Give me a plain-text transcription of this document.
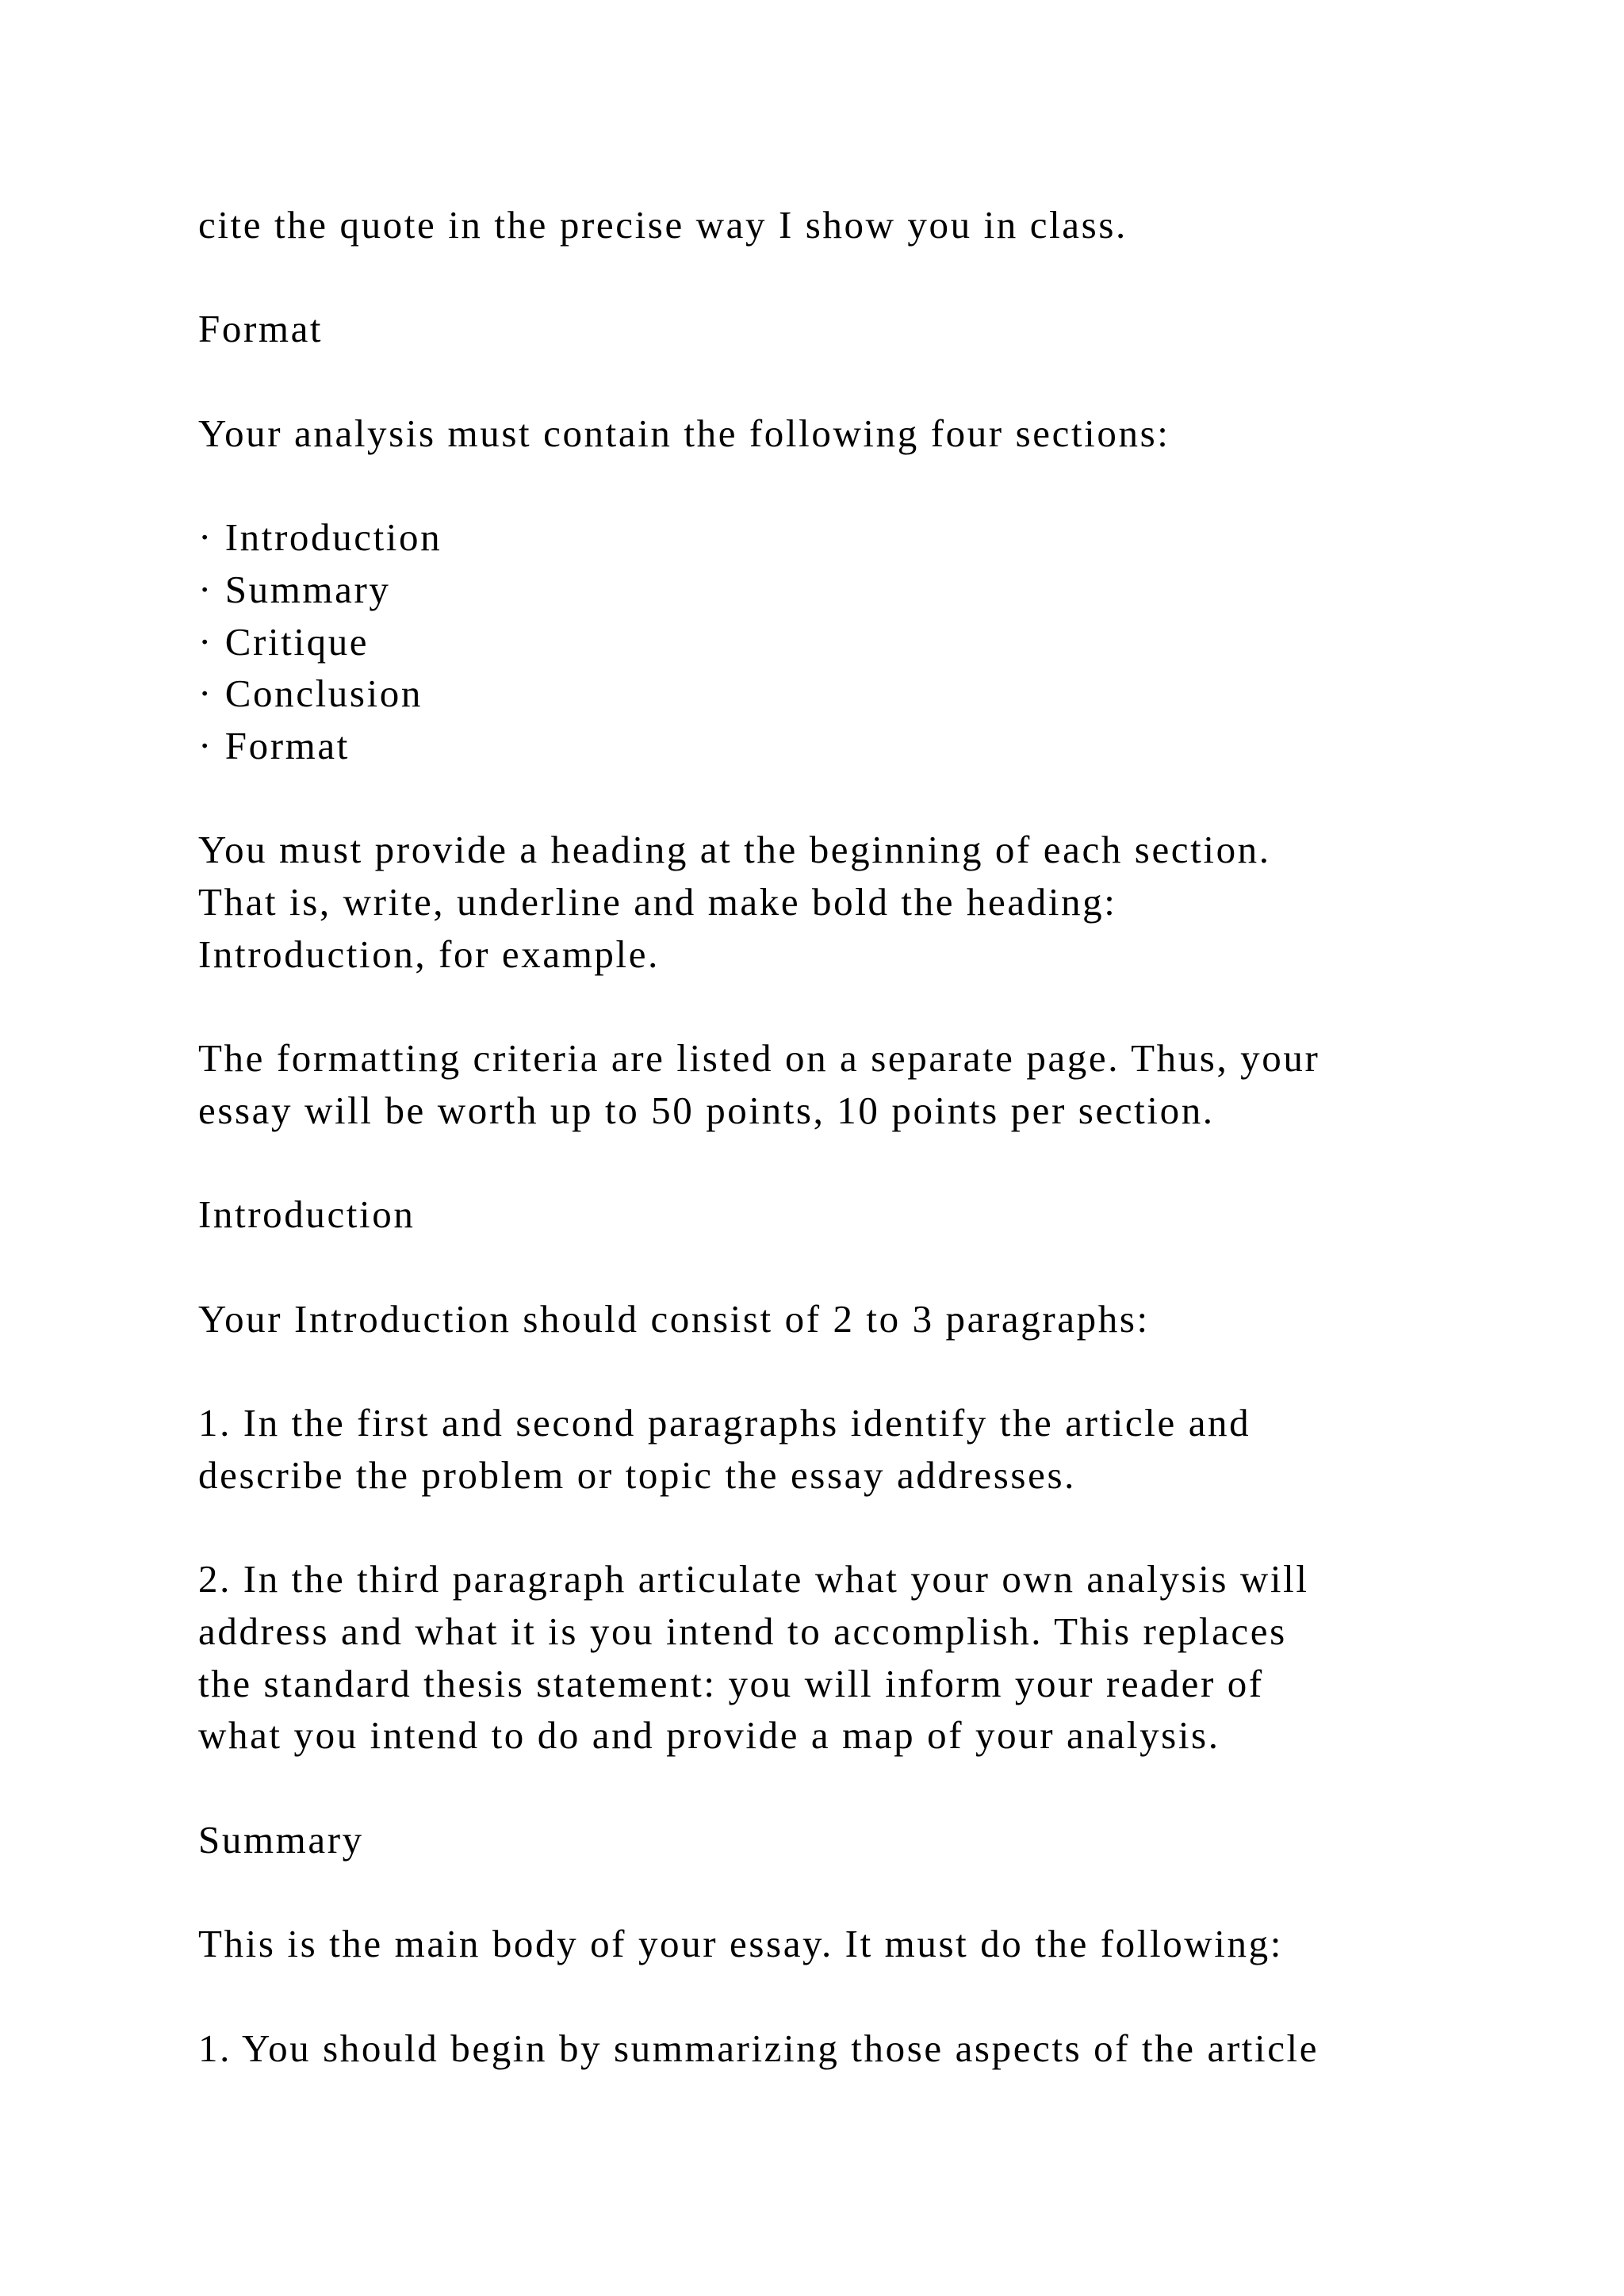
cite the quote in the precise way I show you in class.

Format

Your analysis must contain the following four sections:

· Introduction

· Summary

· Critique

· Conclusion

· Format

You must provide a heading at the beginning of each section.

That is, write, underline and make bold the heading:

Introduction, for example.

The formatting criteria are listed on a separate page. Thus, your

essay will be worth up to 50 points, 10 points per section.

Introduction

Your Introduction should consist of 2 to 3 paragraphs:

1. In the first and second paragraphs identify the article and

describe the problem or topic the essay addresses.

2. In the third paragraph articulate what your own analysis will

address and what it is you intend to accomplish. This replaces

the standard thesis statement: you will inform your reader of

what you intend to do and provide a map of your analysis.

Summary

This is the main body of your essay. It must do the following:

1. You should begin by summarizing those aspects of the article
